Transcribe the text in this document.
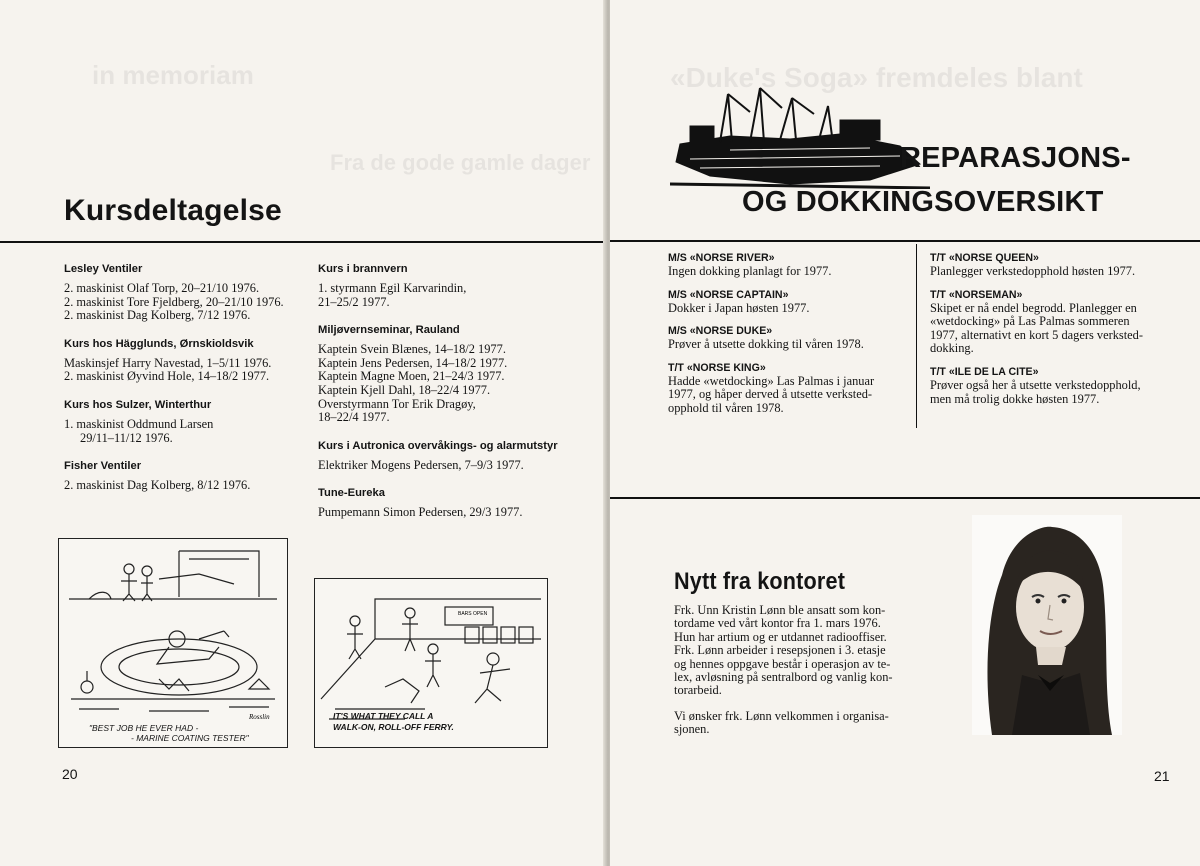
in memoriam
Fra de gode gamle dager
Kursdeltagelse
Lesley Ventiler
2. maskinist Olaf Torp, 20–21/10 1976.
2. maskinist Tore Fjeldberg, 20–21/10 1976.
2. maskinist Dag Kolberg, 7/12 1976.
Kurs hos Hägglunds, Ørnskioldsvik
Maskinsjef Harry Navestad, 1–5/11 1976.
2. maskinist Øyvind Hole, 14–18/2 1977.
Kurs hos Sulzer, Winterthur
1. maskinist Oddmund Larsen
29/11–11/12 1976.
Fisher Ventiler
2. maskinist Dag Kolberg, 8/12 1976.
Kurs i brannvern
1. styrmann Egil Karvarindin,
21–25/2 1977.
Miljøvernseminar, Rauland
Kaptein Svein Blænes, 14–18/2 1977.
Kaptein Jens Pedersen, 14–18/2 1977.
Kaptein Magne Moen, 21–24/3 1977.
Kaptein Kjell Dahl, 18–22/4 1977.
Overstyrmann Tor Erik Dragøy,
18–22/4 1977.
Kurs i Autronica overvåkings- og alarmutstyr
Elektriker Mogens Pedersen, 7–9/3 1977.
Tune-Eureka
Pumpemann Simon Pedersen, 29/3 1977.
Rosslin
"BEST JOB HE EVER HAD -
- MARINE COATING TESTER"
BARS OPEN
IT'S WHAT THEY CALL A
WALK-ON, ROLL-OFF FERRY.
20
«Duke's Soga» fremdeles blant
REPARASJONS-
OG DOKKINGSOVERSIKT
M/S «NORSE RIVER»
Ingen dokking planlagt for 1977.
M/S «NORSE CAPTAIN»
Dokker i Japan høsten 1977.
M/S «NORSE DUKE»
Prøver å utsette dokking til våren 1978.
T/T «NORSE KING»
Hadde «wetdocking» Las Palmas i januar
1977, og håper derved å utsette verksted-
opphold til våren 1978.
T/T «NORSE QUEEN»
Planlegger verkstedopphold høsten 1977.
T/T «NORSEMAN»
Skipet er nå endel begrodd. Planlegger en
«wetdocking» på Las Palmas sommeren
1977, alternativt en kort 5 dagers verksted-
dokking.
T/T «ILE DE LA CITE»
Prøver også her å utsette verkstedopphold,
men må trolig dokke høsten 1977.
Nytt fra kontoret
Frk. Unn Kristin Lønn ble ansatt som kon-
tordame ved vårt kontor fra 1. mars 1976.
Hun har artium og er utdannet radiooffiser.
Frk. Lønn arbeider i resepsjonen i 3. etasje
og hennes oppgave består i operasjon av te-
lex, avløsning på sentralbord og vanlig kon-
torarbeid.
Vi ønsker frk. Lønn velkommen i organisa-
sjonen.
21
